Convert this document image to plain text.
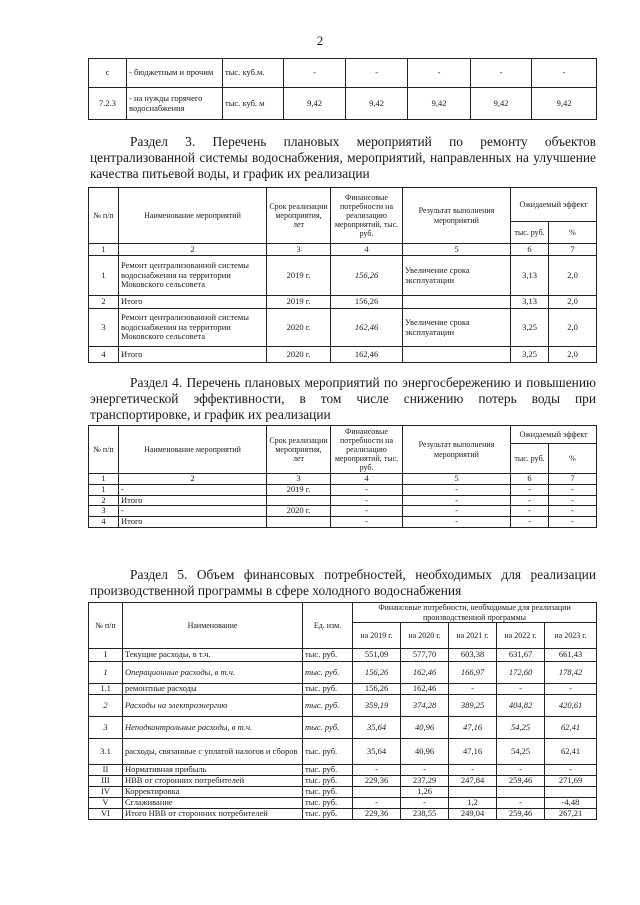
2
с	- бюджетным и прочим	тыс. куб.м.	-	-	-	-	-
7.2.3	- на нужды горячего водоснабжения	тыс. куб. м	9,42	9,42	9,42	9,42	9,42
Раздел 3. Перечень плановых мероприятий по ремонту объектов централизованной системы водоснабжения, мероприятий, направленных на улучшение качества питьевой воды, и график их реализации
№ п/п	Наименование мероприятий	Срок реализации мероприятия, лет	Финансовые потребности на реализацию мероприятий, тыс. руб.	Результат выполнения мероприятий	Ожидаемый эффект	
					тыс. руб.	%
1	2	3	4	5	6	7
1	Ремонт централизованной системы водоснабжения на территории Моковского сельсовета	2019 г.	156,26	Увеличение срока эксплуатации	3,13	2,0
2	Итого	2019 г.	156,26		3,13	2,0
3	Ремонт централизованной системы водоснабжения на территории Моковского сельсовета	2020 г.	162,46	Увеличение срока эксплуатации	3,25	2,0
4	Итого	2020 г.	162,46		3,25	2,0
Раздел 4. Перечень плановых мероприятий по энергосбережению и повышению энергетической эффективности, в том числе снижению потерь воды при транспортировке, и график их реализации
№ п/п	Наименование мероприятий	Срок реализации мероприятия, лет	Финансовые потребности на реализацию мероприятий, тыс. руб.	Результат выполнения мероприятий	Ожидаемый эффект	
					тыс. руб.	%
1	2	3	4	5	6	7
1	-	2019 г.	-	-	-	-
2	Итого		-	-	-	-
3	-	2020 г.	-	-	-	-
4	Итого		-	-	-	-
Раздел 5. Объем финансовых потребностей, необходимых для реализации производственной программы в сфере холодного водоснабжения
№ п/п	Наименование	Ед. изм.	Финансовые потребности, необходимые для реализации производственной программы				
			на 2019 г.	на 2020 г.	на 2021 г.	на 2022 г.	на 2023 г.
I	Текущие расходы, в т.ч.	тыс. руб.	551,09	577,70	603,38	631,67	661,43
1	Операционные расходы, в т.ч.	тыс. руб.	156,26	162,46	166,97	172,60	178,42
1.1	ремонтные расходы	тыс. руб.	156,26	162,46	-	-	-
2	Расходы на электроэнергию	тыс. руб.	359,19	374,28	389,25	404,82	420,61
3	Неподконтрольные расходы, в т.ч.	тыс. руб.	35,64	40,96	47,16	54,25	62,41
3.1	расходы, связанные с уплатой налогов и сборов	тыс. руб.	35,64	40,96	47,16	54,25	62,41
II	Нормативная прибыль	тыс. руб.	-	-	-	-	-
III	НВВ от сторонних потребителей	тыс. руб.	229,36	237,29	247,84	259,46	271,69
IV	Корректировка	тыс. руб.		1,26			
V	Сглаживание	тыс. руб.	-	-	1,2	-	-4,48
VI	Итого НВВ от сторонних потребителей	тыс. руб.	229,36	238,55	249,04	259,46	267,21
